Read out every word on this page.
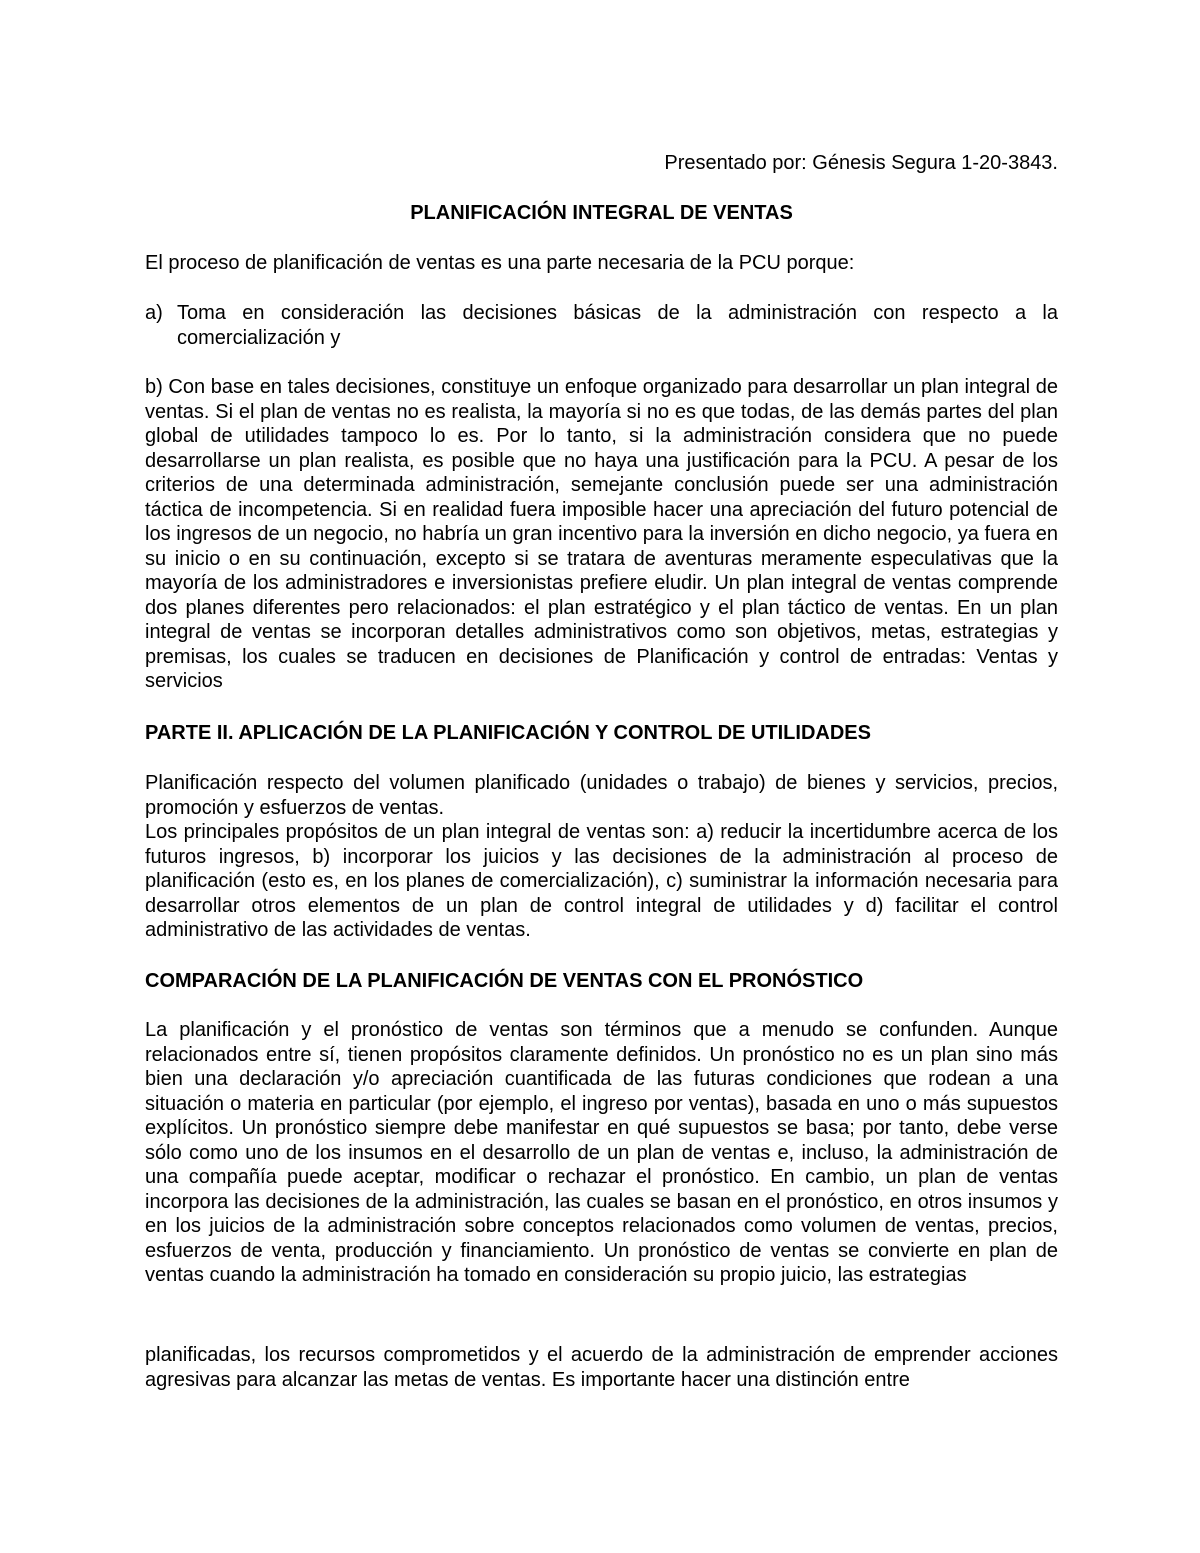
Presentado por: Génesis Segura 1-20-3843.
PLANIFICACIÓN INTEGRAL DE VENTAS
El proceso de planificación de ventas es una parte necesaria de la PCU porque:
a) Toma en consideración las decisiones básicas de la administración con respecto a la comercialización y
b) Con base en tales decisiones, constituye un enfoque organizado para desarrollar un plan integral de ventas. Si el plan de ventas no es realista, la mayoría si no es que todas, de las demás partes del plan global de utilidades tampoco lo es. Por lo tanto, si la administración considera que no puede desarrollarse un plan realista, es posible que no haya una justificación para la PCU. A pesar de los criterios de una determinada administración, semejante conclusión puede ser una administración táctica de incompetencia. Si en realidad fuera imposible hacer una apreciación del futuro potencial de los ingresos de un negocio, no habría un gran incentivo para la inversión en dicho negocio, ya fuera en su inicio o en su continuación, excepto si se tratara de aventuras meramente especulativas que la mayoría de los administradores e inversionistas prefiere eludir. Un plan integral de ventas comprende dos planes diferentes pero relacionados: el plan estratégico y el plan táctico de ventas. En un plan integral de ventas se incorporan detalles administrativos como son objetivos, metas, estrategias y premisas, los cuales se traducen en decisiones de Planificación y control de entradas: Ventas y servicios
PARTE II. APLICACIÓN DE LA PLANIFICACIÓN Y CONTROL DE UTILIDADES
Planificación respecto del volumen planificado (unidades o trabajo) de bienes y servicios, precios, promoción y esfuerzos de ventas.
Los principales propósitos de un plan integral de ventas son: a) reducir la incertidumbre acerca de los futuros ingresos, b) incorporar los juicios y las decisiones de la administración al proceso de planificación (esto es, en los planes de comercialización), c) suministrar la información necesaria para desarrollar otros elementos de un plan de control integral de utilidades y d) facilitar el control administrativo de las actividades de ventas.
COMPARACIÓN DE LA PLANIFICACIÓN DE VENTAS CON EL PRONÓSTICO
La planificación y el pronóstico de ventas son términos que a menudo se confunden. Aunque relacionados entre sí, tienen propósitos claramente definidos. Un pronóstico no es un plan sino más bien una declaración y/o apreciación cuantificada de las futuras condiciones que rodean a una situación o materia en particular (por ejemplo, el ingreso por ventas), basada en uno o más supuestos explícitos. Un pronóstico siempre debe manifestar en qué supuestos se basa; por tanto, debe verse sólo como uno de los insumos en el desarrollo de un plan de ventas e, incluso, la administración de una compañía puede aceptar, modificar o rechazar el pronóstico. En cambio, un plan de ventas incorpora las decisiones de la administración, las cuales se basan en el pronóstico, en otros insumos y en los juicios de la administración sobre conceptos relacionados como volumen de ventas, precios, esfuerzos de venta, producción y financiamiento. Un pronóstico de ventas se convierte en plan de ventas cuando la administración ha tomado en consideración su propio juicio, las estrategias
planificadas, los recursos comprometidos y el acuerdo de la administración de emprender acciones agresivas para alcanzar las metas de ventas. Es importante hacer una distinción entre
